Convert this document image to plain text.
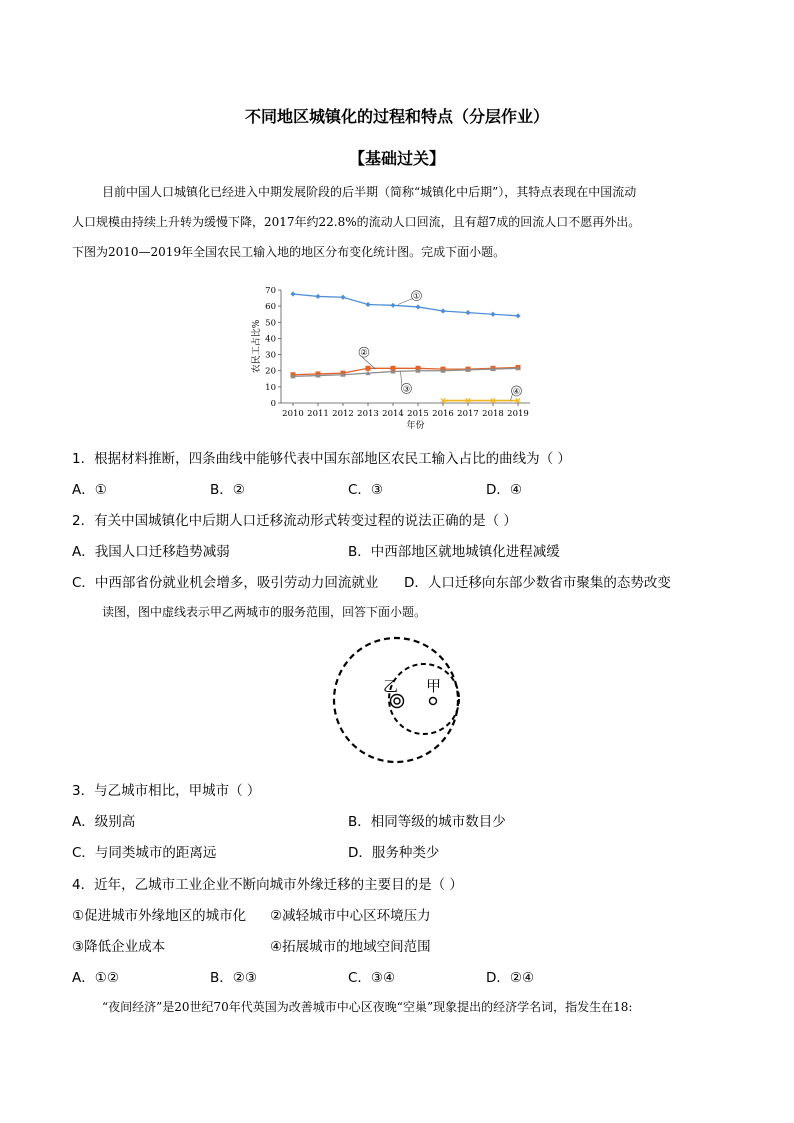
不同地区城镇化的过程和特点（分层作业）
【基础过关】
目前中国人口城镇化已经进入中期发展阶段的后半期（简称“城镇化中后期”），其特点表现在中国流动
人口规模由持续上升转为缓慢下降，2017年约22.8%的流动人口回流，且有超7成的回流人口不愿再外出。
下图为2010—2019年全国农民工输入地的地区分布变化统计图。完成下面小题。
0
10
20
30
40
50
60
70
2010 2011 2012 2013 2014 2015 2016 2017 2018 2019
年份
农民工占比%
①
②
③	④
1．根据材料推断，四条曲线中能够代表中国东部地区农民工输入占比的曲线为（ ）
A．①	B．②	C．③	D．④
2．有关中国城镇化中后期人口迁移流动形式转变过程的说法正确的是（ ）
A．我国人口迁移趋势减弱	B．中西部地区就地城镇化进程减缓
C．中西部省份就业机会增多，吸引劳动力回流就业 D．人口迁移向东部少数省市聚集的态势改变
读图，图中虚线表示甲乙两城市的服务范围，回答下面小题。
乙 甲
3．与乙城市相比，甲城市（ ）
A．级别高	B．相同等级的城市数目少
C．与同类城市的距离远	D．服务种类少
4．近年，乙城市工业企业不断向城市外缘迁移的主要目的是（ ）
①促进城市外缘地区的城市化 ②减轻城市中心区环境压力
③降低企业成本	④拓展城市的地域空间范围
A．①②	B．②③	C．③④	D．②④
“夜间经济”是20世纪70年代英国为改善城市中心区夜晚“空巢”现象提出的经济学名词，指发生在18:
